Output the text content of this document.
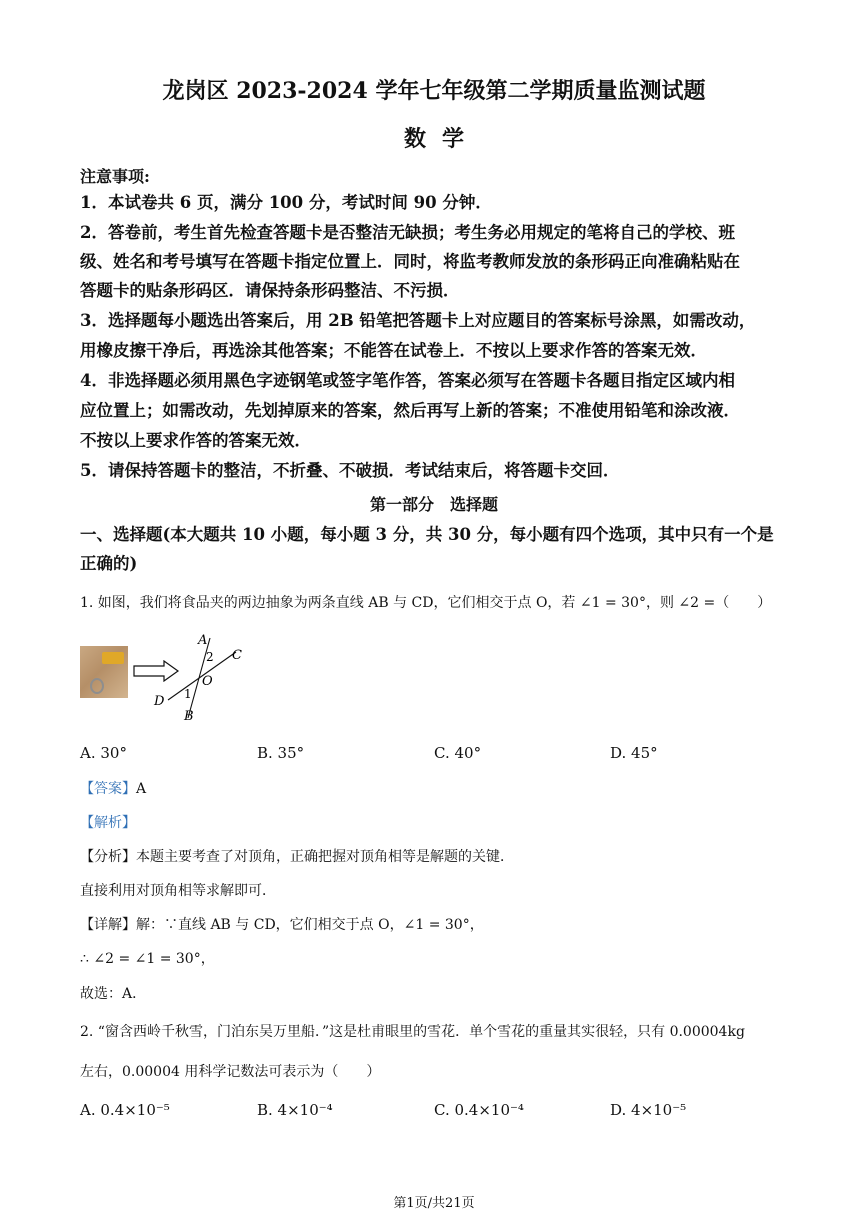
龙岗区 2023-2024 学年七年级第二学期质量监测试题
数学
注意事项:
1．本试卷共 6 页，满分 100 分，考试时间 90 分钟．
2．答卷前，考生首先检查答题卡是否整洁无缺损；考生务必用规定的笔将自己的学校、班
级、姓名和考号填写在答题卡指定位置上．同时，将监考教师发放的条形码正向准确粘贴在
答题卡的贴条形码区．请保持条形码整洁、不污损．
3．选择题每小题选出答案后，用 2B 铅笔把答题卡上对应题目的答案标号涂黑，如需改动，
用橡皮擦干净后，再选涂其他答案；不能答在试卷上．不按以上要求作答的答案无效．
4．非选择题必须用黑色字迹钢笔或签字笔作答，答案必须写在答题卡各题目指定区域内相
应位置上；如需改动，先划掉原来的答案，然后再写上新的答案；不准使用铅笔和涂改液．
不按以上要求作答的答案无效．
5．请保持答题卡的整洁，不折叠、不破损．考试结束后，将答题卡交回．
第一部分　选择题
一、选择题(本大题共 10 小题，每小题 3 分，共 30 分，每小题有四个选项，其中只有一个是
正确的)
1. 如图，我们将食品夹的两边抽象为两条直线 AB 与 CD，它们相交于点 O，若 ∠1 = 30°，则 ∠2 =（　　）
A
C
D
B
O
2
1
A. 30°	B. 35°	C. 40°	D. 45°
【答案】A
【解析】
【分析】本题主要考查了对顶角，正确把握对顶角相等是解题的关键．
直接利用对顶角相等求解即可．
【详解】解：∵直线 AB 与 CD，它们相交于点 O，∠1 = 30°，
∴ ∠2 = ∠1 = 30°，
故选：A．
2. “窗含西岭千秋雪，门泊东吴万里船．”这是杜甫眼里的雪花．单个雪花的重量其实很轻，只有 0.00004kg
左右，0.00004 用科学记数法可表示为（　　）
A. 0.4×10⁻⁵	B. 4×10⁻⁴	C. 0.4×10⁻⁴	D. 4×10⁻⁵
第1页/共21页
